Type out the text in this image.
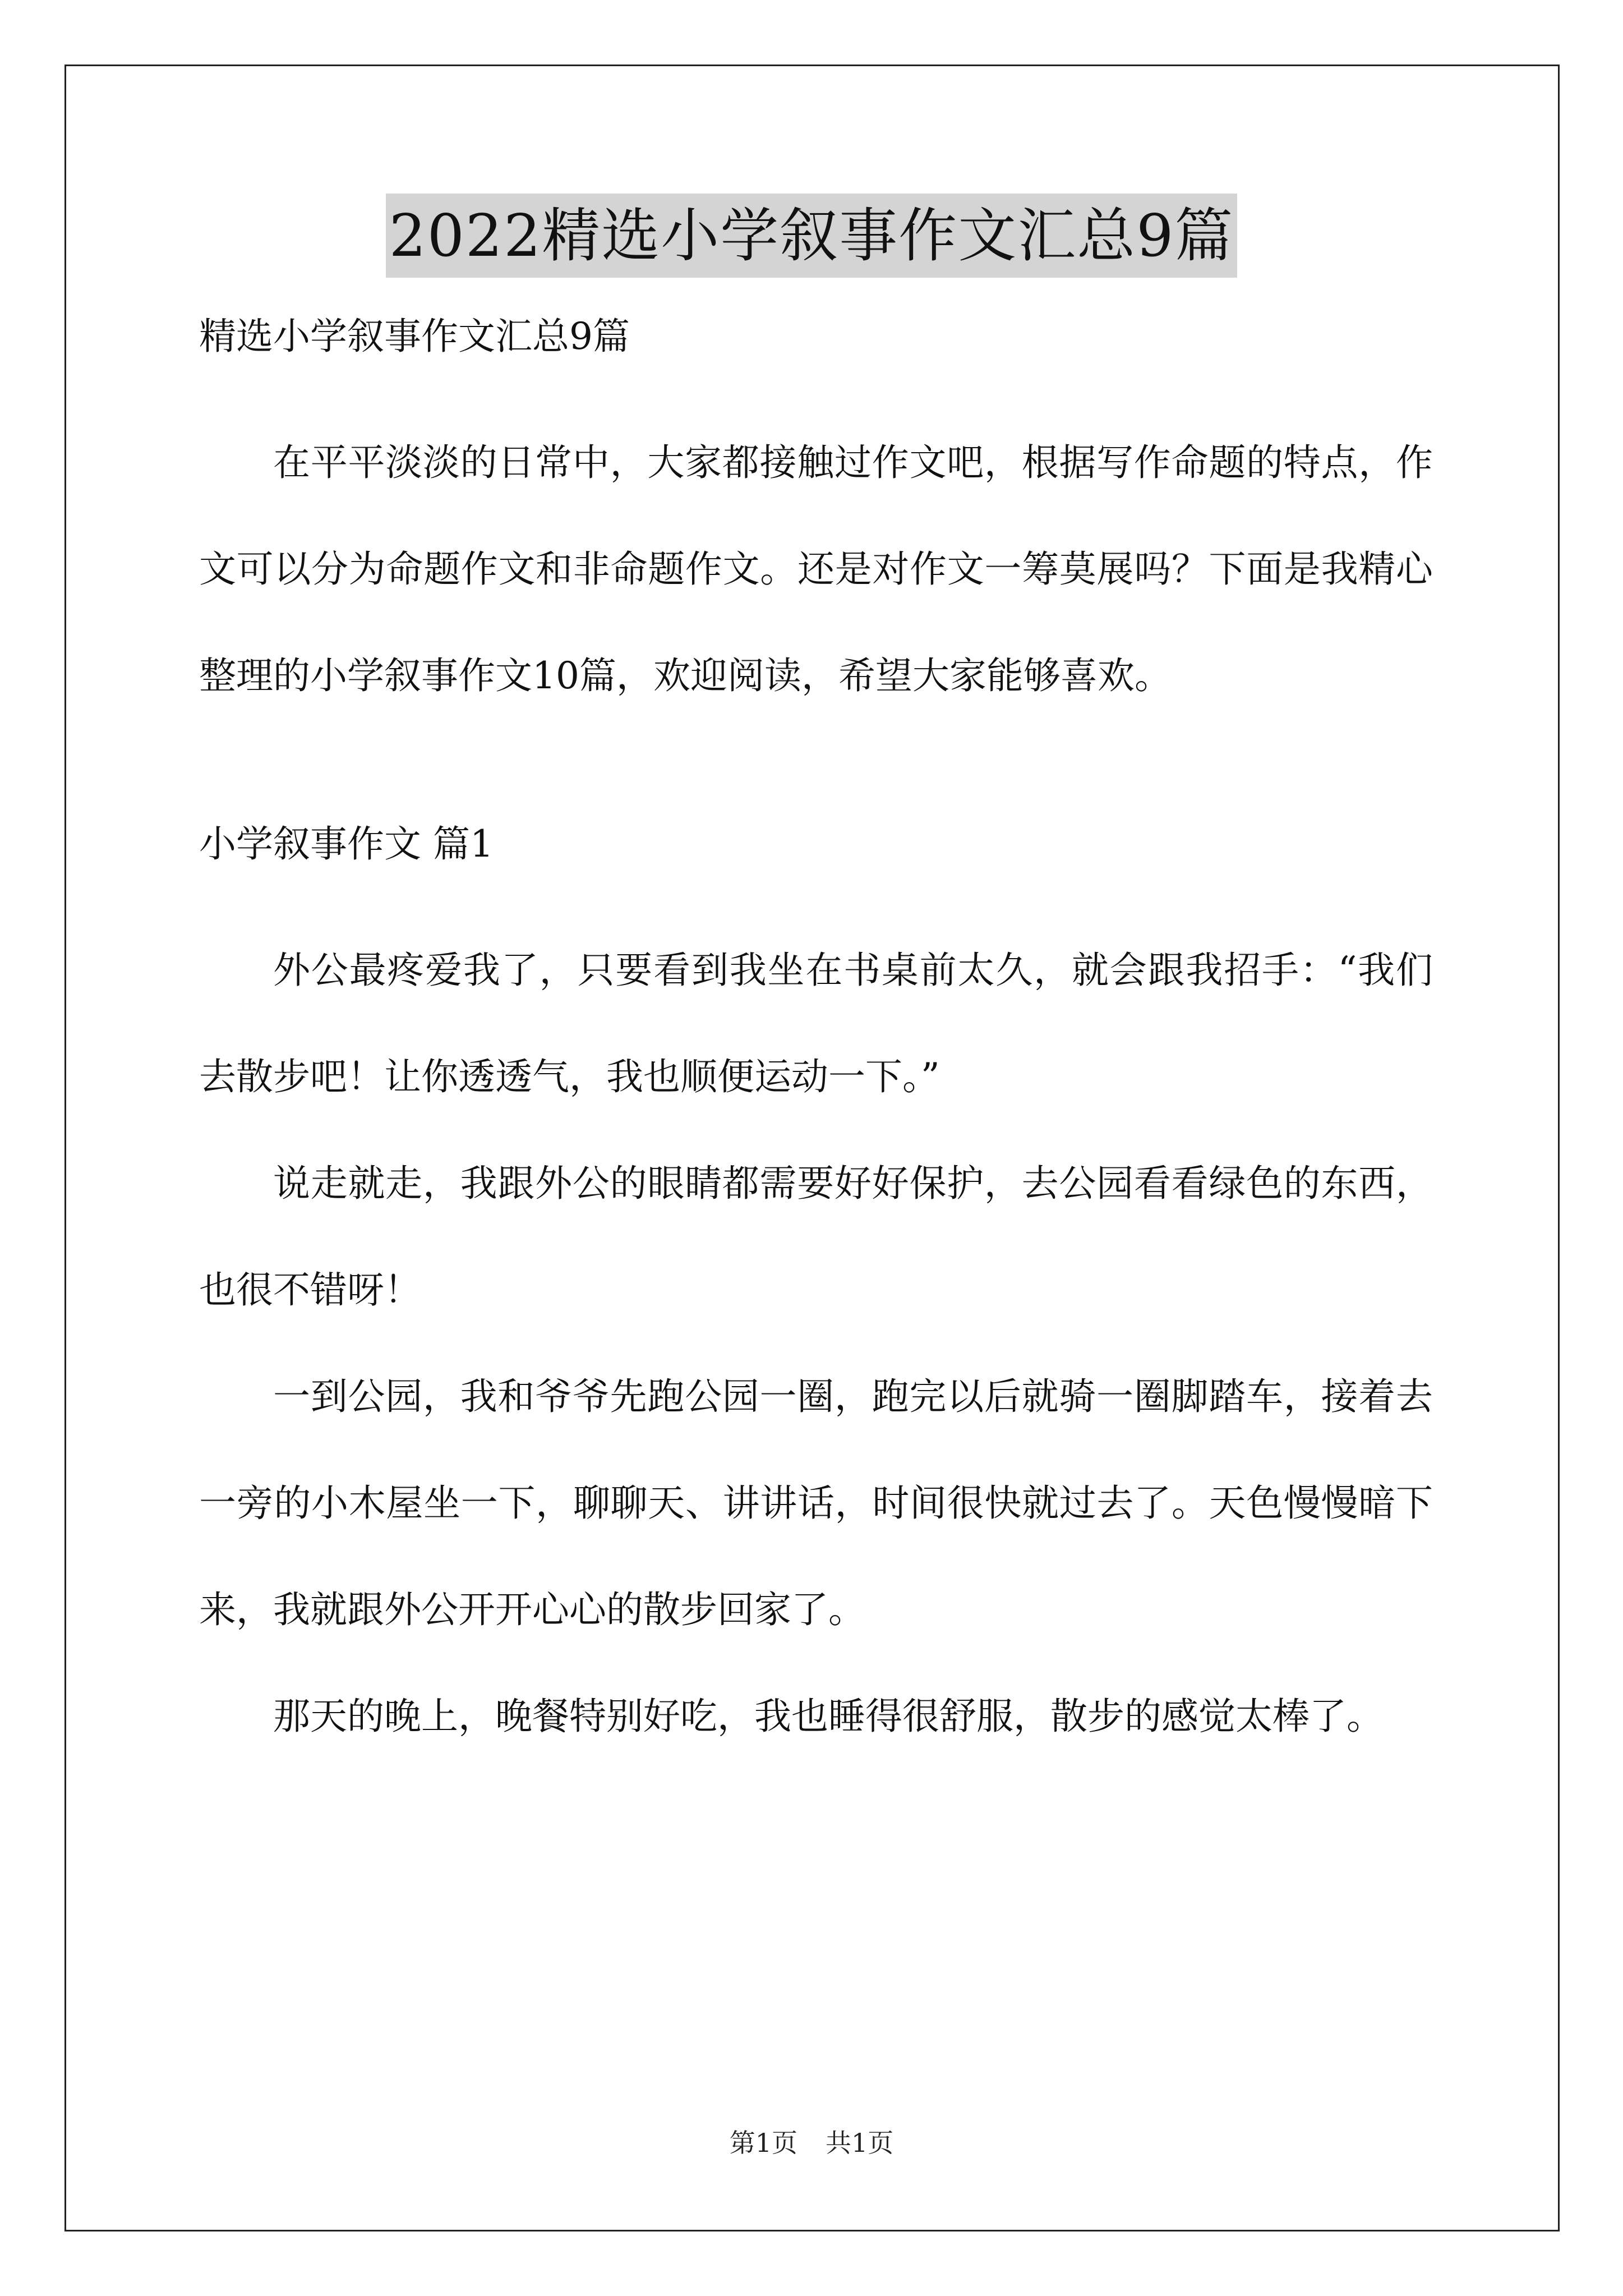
2022精选小学叙事作文汇总9篇

精选小学叙事作文汇总9篇

在平平淡淡的日常中，大家都接触过作文吧，根据写作命题的特点，作文可以分为命题作文和非命题作文。还是对作文一筹莫展吗？下面是我精心整理的小学叙事作文10篇，欢迎阅读，希望大家能够喜欢。

小学叙事作文 篇1

外公最疼爱我了，只要看到我坐在书桌前太久，就会跟我招手：“我们去散步吧！让你透透气，我也顺便运动一下。”

说走就走，我跟外公的眼睛都需要好好保护，去公园看看绿色的东西，也很不错呀！

一到公园，我和爷爷先跑公园一圈，跑完以后就骑一圈脚踏车，接着去一旁的小木屋坐一下，聊聊天、讲讲话，时间很快就过去了。天色慢慢暗下来，我就跟外公开开心心的散步回家了。

那天的晚上，晚餐特别好吃，我也睡得很舒服，散步的感觉太棒了。

第1页 共1页
